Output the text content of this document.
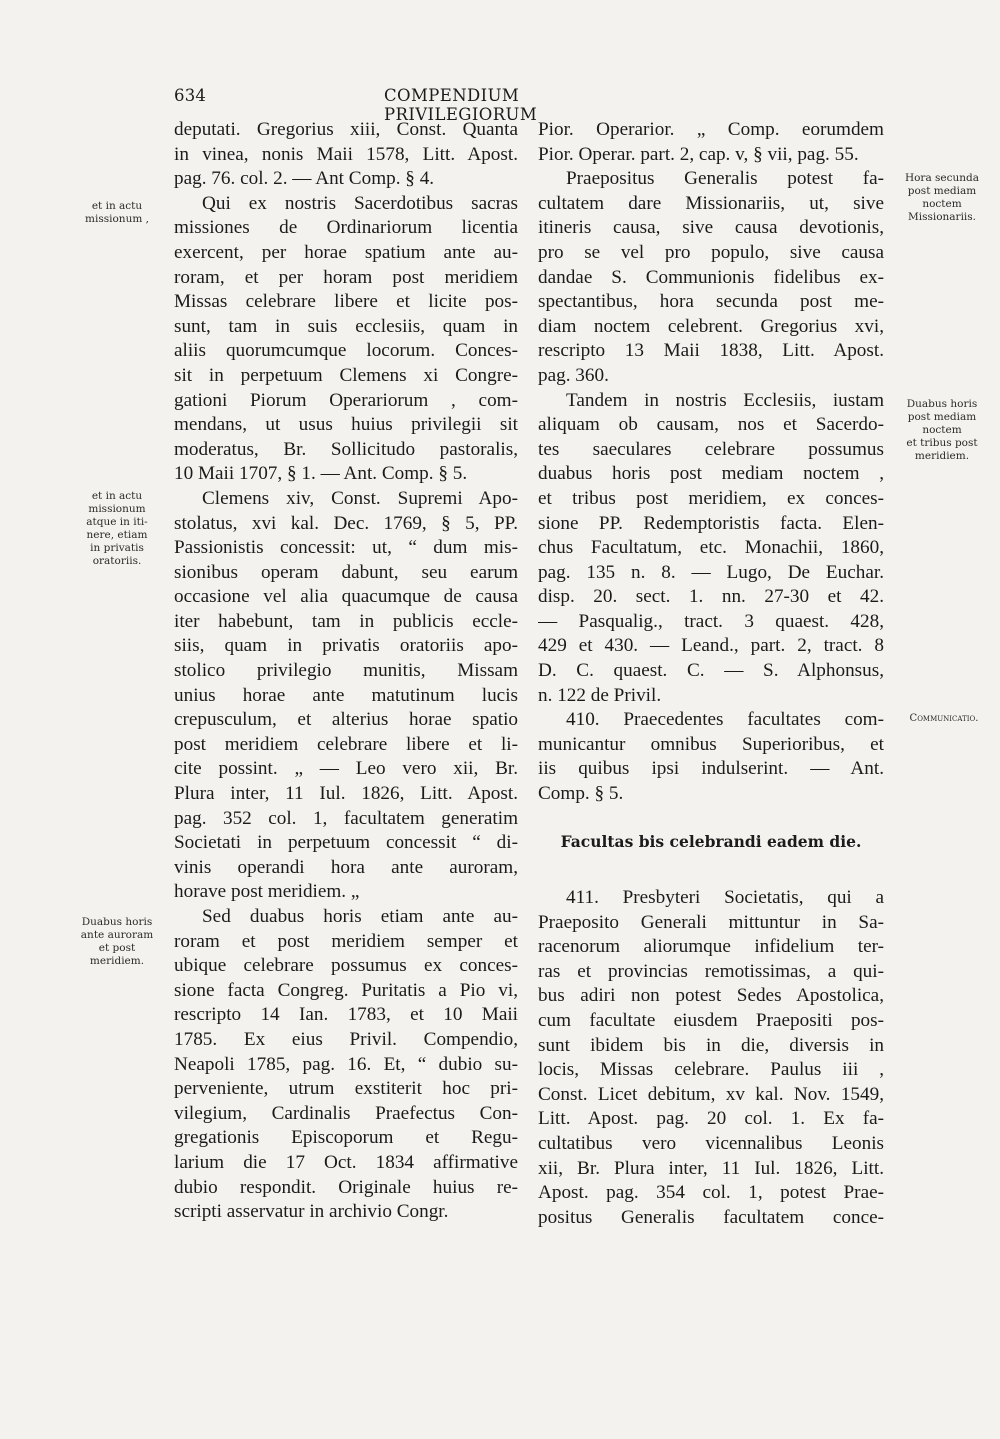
634	COMPENDIUM PRIVILEGIORUM
et in actu
missionum ,
et in actu
missionum
atque in iti-
nere, etiam
in privatis
oratoriis.
Duabus horis
ante auroram
et post
meridiem.
Hora secunda
post mediam
noctem
Missionariis.
Duabus horis
post mediam
noctem
et tribus post
meridiem.
Communicatio.
deputati. Gregorius xiii, Const. Quanta
in vinea, nonis Maii 1578, Litt. Apost.
pag. 76. col. 2. — Ant Comp. § 4.
Qui ex nostris Sacerdotibus sacras
missiones de Ordinariorum licentia
exercent, per horae spatium ante au-
roram, et per horam post meridiem
Missas celebrare libere et licite pos-
sunt, tam in suis ecclesiis, quam in
aliis quorumcumque locorum. Conces-
sit in perpetuum Clemens xi Congre-
gationi Piorum Operariorum , com-
mendans, ut usus huius privilegii sit
moderatus, Br. Sollicitudo pastoralis,
10 Maii 1707, § 1. — Ant. Comp. § 5.
Clemens xiv, Const. Supremi Apo-
stolatus, xvi kal. Dec. 1769, § 5, PP.
Passionistis concessit: ut, “ dum mis-
sionibus operam dabunt, seu earum
occasione vel alia quacumque de causa
iter habebunt, tam in publicis eccle-
siis, quam in privatis oratoriis apo-
stolico privilegio munitis, Missam
unius horae ante matutinum lucis
crepusculum, et alterius horae spatio
post meridiem celebrare libere et li-
cite possint. „ — Leo vero xii, Br.
Plura inter, 11 Iul. 1826, Litt. Apost.
pag. 352 col. 1, facultatem generatim
Societati in perpetuum concessit “ di-
vinis operandi hora ante auroram,
horave post meridiem. „
Sed duabus horis etiam ante au-
roram et post meridiem semper et
ubique celebrare possumus ex conces-
sione facta Congreg. Puritatis a Pio vi,
rescripto 14 Ian. 1783, et 10 Maii
1785. Ex eius Privil. Compendio,
Neapoli 1785, pag. 16. Et, “ dubio su-
perveniente, utrum exstiterit hoc pri-
vilegium, Cardinalis Praefectus Con-
gregationis Episcoporum et Regu-
larium die 17 Oct. 1834 affirmative
dubio respondit. Originale huius re-
scripti asservatur in archivio Congr.
Pior. Operarior. „ Comp. eorumdem
Pior. Operar. part. 2, cap. v, § vii, pag. 55.
Praepositus Generalis potest fa-
cultatem dare Missionariis, ut, sive
itineris causa, sive causa devotionis,
pro se vel pro populo, sive causa
dandae S. Communionis fidelibus ex-
spectantibus, hora secunda post me-
diam noctem celebrent. Gregorius xvi,
rescripto 13 Maii 1838, Litt. Apost.
pag. 360.
Tandem in nostris Ecclesiis, iustam
aliquam ob causam, nos et Sacerdo-
tes saeculares celebrare possumus
duabus horis post mediam noctem ,
et tribus post meridiem, ex conces-
sione PP. Redemptoristis facta. Elen-
chus Facultatum, etc. Monachii, 1860,
pag. 135 n. 8. — Lugo, De Euchar.
disp. 20. sect. 1. nn. 27-30 et 42.
— Pasqualig., tract. 3 quaest. 428,
429 et 430. — Leand., part. 2, tract. 8
D. C. quaest. C. — S. Alphonsus,
n. 122 de Privil.
410. Praecedentes facultates com-
municantur omnibus Superioribus, et
iis quibus ipsi indulserint. — Ant.
Comp. § 5.
Facultas bis celebrandi eadem die.
411. Presbyteri Societatis, qui a
Praeposito Generali mittuntur in Sa-
racenorum aliorumque infidelium ter-
ras et provincias remotissimas, a qui-
bus adiri non potest Sedes Apostolica,
cum facultate eiusdem Praepositi pos-
sunt ibidem bis in die, diversis in
locis, Missas celebrare. Paulus iii ,
Const. Licet debitum, xv kal. Nov. 1549,
Litt. Apost. pag. 20 col. 1. Ex fa-
cultatibus vero vicennalibus Leonis
xii, Br. Plura inter, 11 Iul. 1826, Litt.
Apost. pag. 354 col. 1, potest Prae-
positus Generalis facultatem conce-
